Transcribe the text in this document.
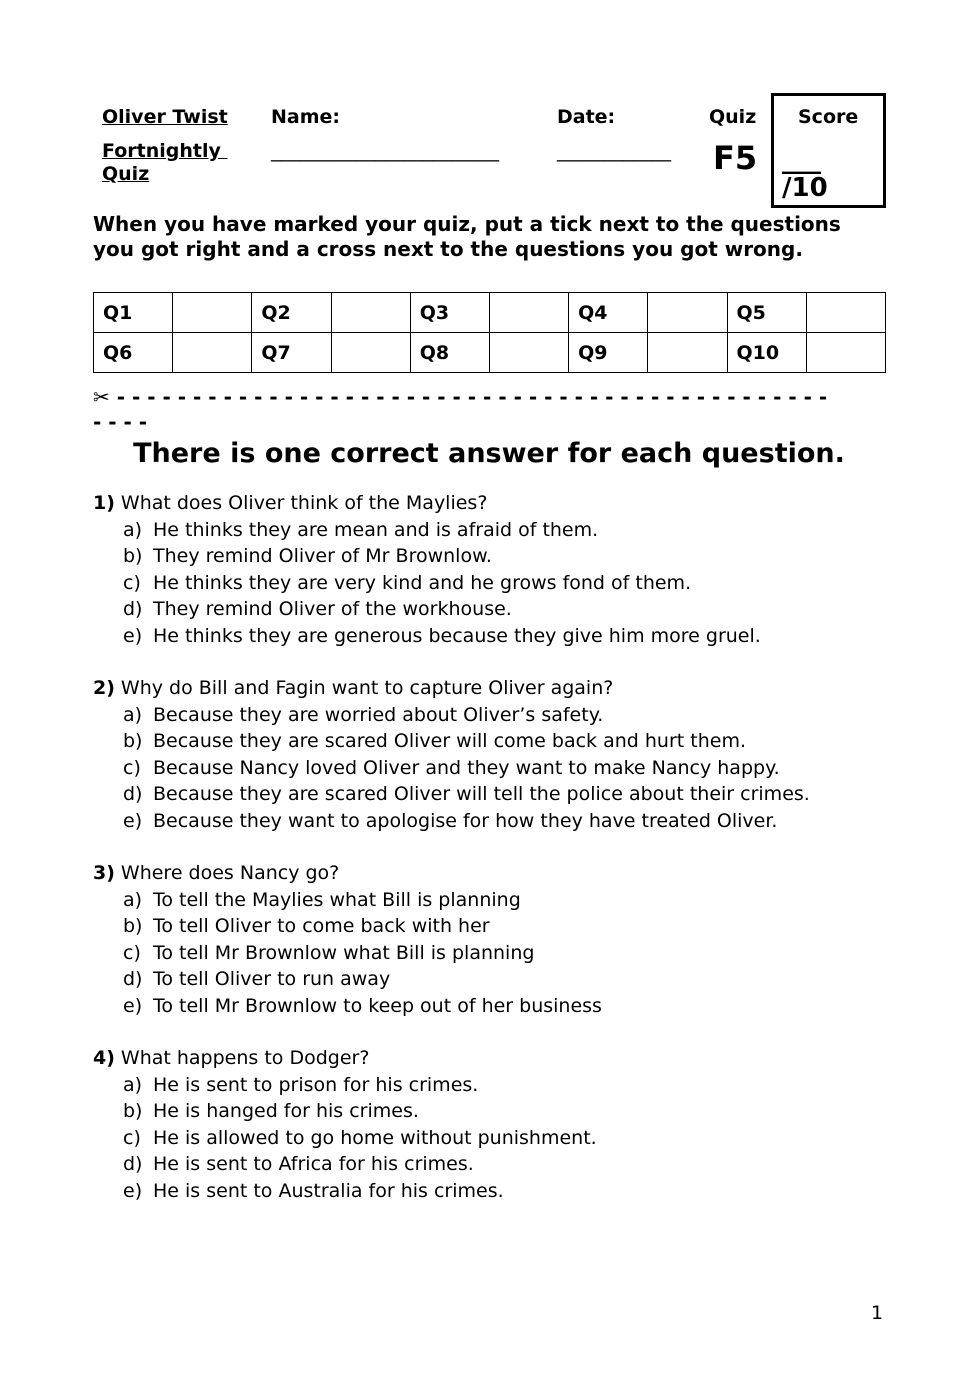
Oliver Twist
Fortnightly
Quiz
Name:
________________________
Date:
____________
Quiz
F5
Score
___
/10
When you have marked your quiz, put a tick next to the questions you got right and a cross next to the questions you got wrong.
Q1		Q2		Q3		Q4		Q5	
Q6		Q7		Q8		Q9		Q10	
✂ - - - - - - - - - - - - - - - - - - - - - - - - - - - - - - - - - - - - - - - - - - - - - - -
- - - -
There is one correct answer for each question.
1) What does Oliver think of the Maylies?
a) He thinks they are mean and is afraid of them.
b) They remind Oliver of Mr Brownlow.
c) He thinks they are very kind and he grows fond of them.
d) They remind Oliver of the workhouse.
e) He thinks they are generous because they give him more gruel.
2) Why do Bill and Fagin want to capture Oliver again?
a) Because they are worried about Oliver’s safety.
b) Because they are scared Oliver will come back and hurt them.
c) Because Nancy loved Oliver and they want to make Nancy happy.
d) Because they are scared Oliver will tell the police about their crimes.
e) Because they want to apologise for how they have treated Oliver.
3) Where does Nancy go?
a) To tell the Maylies what Bill is planning
b) To tell Oliver to come back with her
c) To tell Mr Brownlow what Bill is planning
d) To tell Oliver to run away
e) To tell Mr Brownlow to keep out of her business
4) What happens to Dodger?
a) He is sent to prison for his crimes.
b) He is hanged for his crimes.
c) He is allowed to go home without punishment.
d) He is sent to Africa for his crimes.
e) He is sent to Australia for his crimes.
1
